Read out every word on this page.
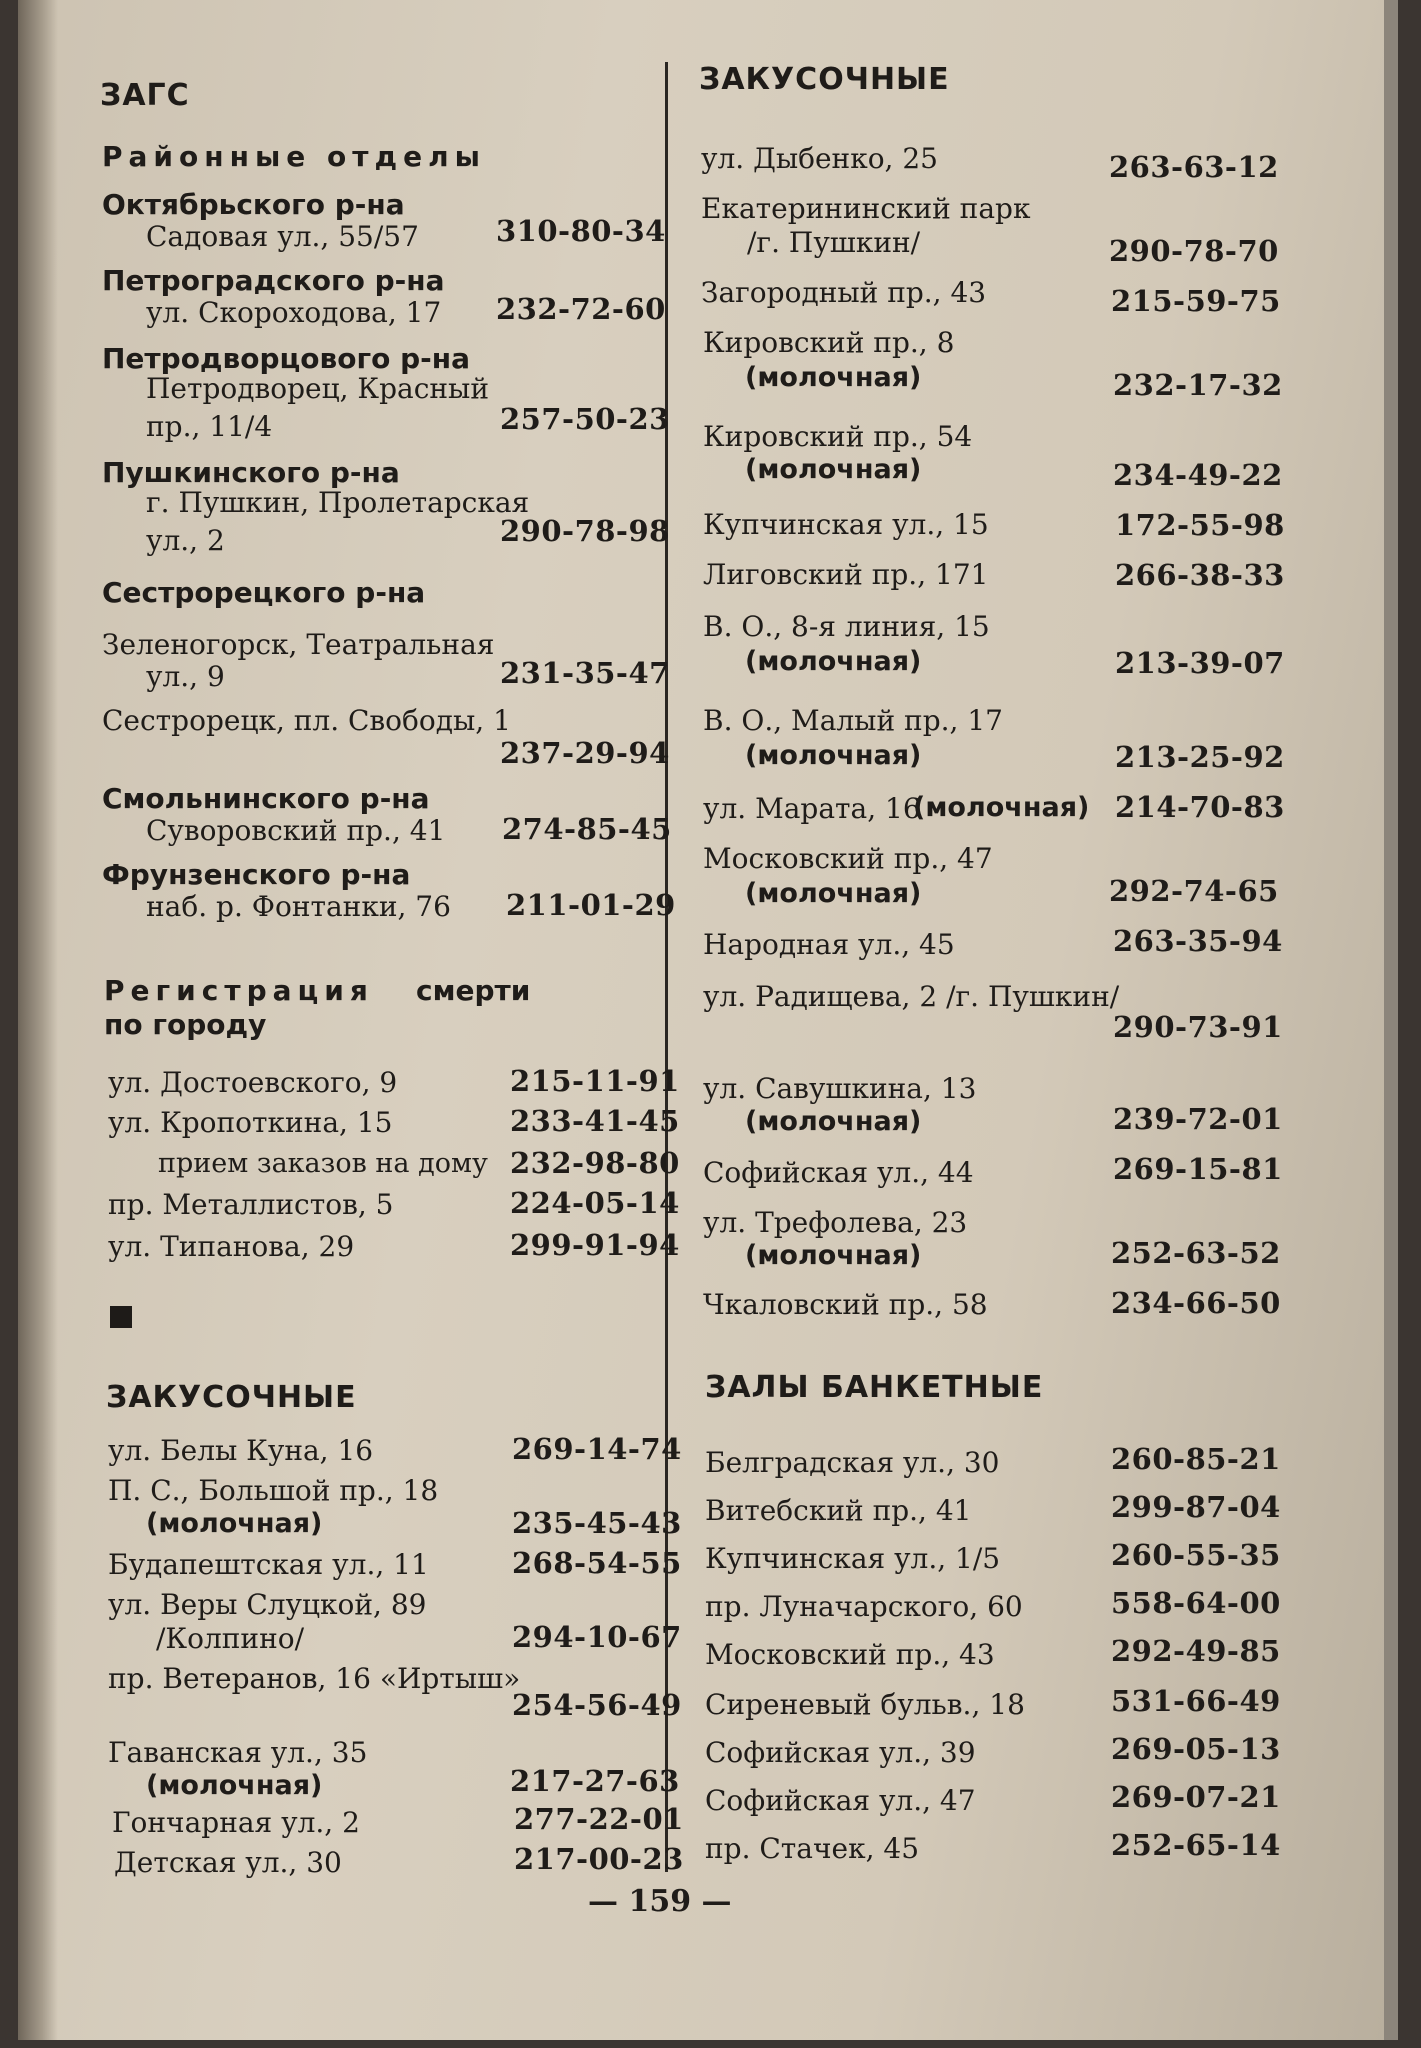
ЗАГС
Районные отделы
Октябрьского р-на
Садовая ул., 55/57	310-80-34
Петроградского р-на
ул. Скороходова, 17 232-72-60
Петродворцового р-на
Петродворец, Красный
пр., 11/4	257-50-23
Пушкинского р-на
г. Пушкин, Пролетарская
ул., 2	290-78-98
Сестрорецкого р-на
Зеленогорск, Театральная
ул., 9	231-35-47
Сестрорецк, пл. Свободы, 1
237-29-94
Смольнинского р-на
Суворовский пр., 41 274-85-45
Фрунзенского р-на
наб. р. Фонтанки, 76 211-01-29
Регистрация смерти
по городу
ул. Достоевского, 9	215-11-91
ул. Кропоткина, 15	233-41-45
прием заказов на дому 232-98-80
пр. Металлистов, 5	224-05-14
ул. Типанова, 29	299-91-94
ЗАКУСОЧНЫЕ
ул. Белы Куна, 16	269-14-74
П. С., Большой пр., 18
(молочная)	235-45-43
Будапештская ул., 11	268-54-55
ул. Веры Слуцкой, 89
/Колпино/	294-10-67
пр. Ветеранов, 16 «Иртыш»
254-56-49
Гаванская ул., 35
(молочная)	217-27-63
Гончарная ул., 2	277-22-01
Детская ул., 30	217-00-23
ЗАКУСОЧНЫЕ
ул. Дыбенко, 25	263-63-12
Екатерининский парк
/г. Пушкин/	290-78-70
Загородный пр., 43	215-59-75
Кировский пр., 8
(молочная)	232-17-32
Кировский пр., 54
(молочная)	234-49-22
Купчинская ул., 15	172-55-98
Лиговский пр., 171	266-38-33
В. О., 8-я линия, 15
(молочная)	213-39-07
В. О., Малый пр., 17
(молочная)	213-25-92
ул. Марата, 16
(молочная) 214-70-83
Московский пр., 47
(молочная)	292-74-65
Народная ул., 45	263-35-94
ул. Радищева, 2 /г. Пушкин/
290-73-91
ул. Савушкина, 13
(молочная)	239-72-01
Софийская ул., 44	269-15-81
ул. Трефолева, 23
(молочная)	252-63-52
Чкаловский пр., 58	234-66-50
ЗАЛЫ БАНКЕТНЫЕ
Белградская ул., 30	260-85-21
Витебский пр., 41	299-87-04
Купчинская ул., 1/5	260-55-35
пр. Луначарского, 60	558-64-00
Московский пр., 43	292-49-85
Сиреневый бульв., 18	531-66-49
Софийская ул., 39	269-05-13
Софийская ул., 47	269-07-21
пр. Стачек, 45	252-65-14
— 159 —
